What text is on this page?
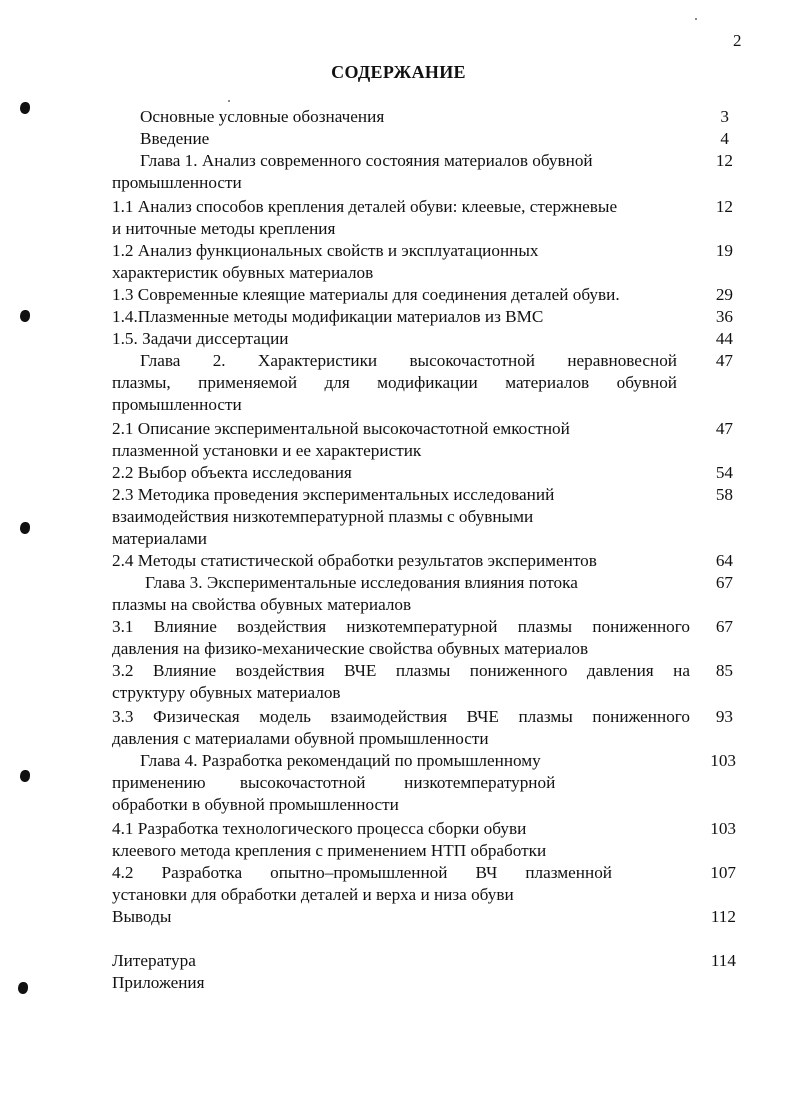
2
СОДЕРЖАНИЕ
Основные условные обозначения
Введение
Глава 1. Анализ современного состояния материалов обувной
промышленности
1.1 Анализ способов крепления деталей обуви: клеевые, стержневые
и ниточные методы крепления
1.2 Анализ функциональных свойств и эксплуатационных
характеристик обувных материалов
1.3 Современные клеящие материалы для соединения деталей обуви.
1.4.Плазменные методы модификации материалов из ВМС
1.5. Задачи диссертации
Глава 2. Характеристики высокочастотной неравновесной
плазмы, применяемой для модификации материалов обувной
промышленности
2.1 Описание экспериментальной высокочастотной емкостной
плазменной установки и ее характеристик
2.2 Выбор объекта исследования
2.3 Методика проведения экспериментальных исследований
взаимодействия низкотемпературной плазмы с обувными
материалами
2.4 Методы статистической обработки результатов экспериментов
Глава 3. Экспериментальные исследования влияния потока
плазмы на свойства обувных материалов
3.1 Влияние воздействия низкотемпературной плазмы пониженного
давления на физико-механические свойства обувных материалов
3.2 Влияние воздействия ВЧЕ плазмы пониженного давления на
структуру обувных материалов
3.3 Физическая модель взаимодействия ВЧЕ плазмы пониженного
давления с материалами обувной промышленности
Глава 4. Разработка рекомендаций по промышленному
применению        высокочастотной         низкотемпературной
обработки в обувной промышленности
4.1 Разработка технологического процесса сборки обуви
клеевого метода крепления с применением НТП обработки
4.2 Разработка опытно–промышленной ВЧ плазменной
установки для обработки деталей и верха и низа обуви
Выводы
Литература
Приложения
3
4
12
12
19
29
36
44
47
47
54
58
64
67
67
85
93
103
103
107
112
114
